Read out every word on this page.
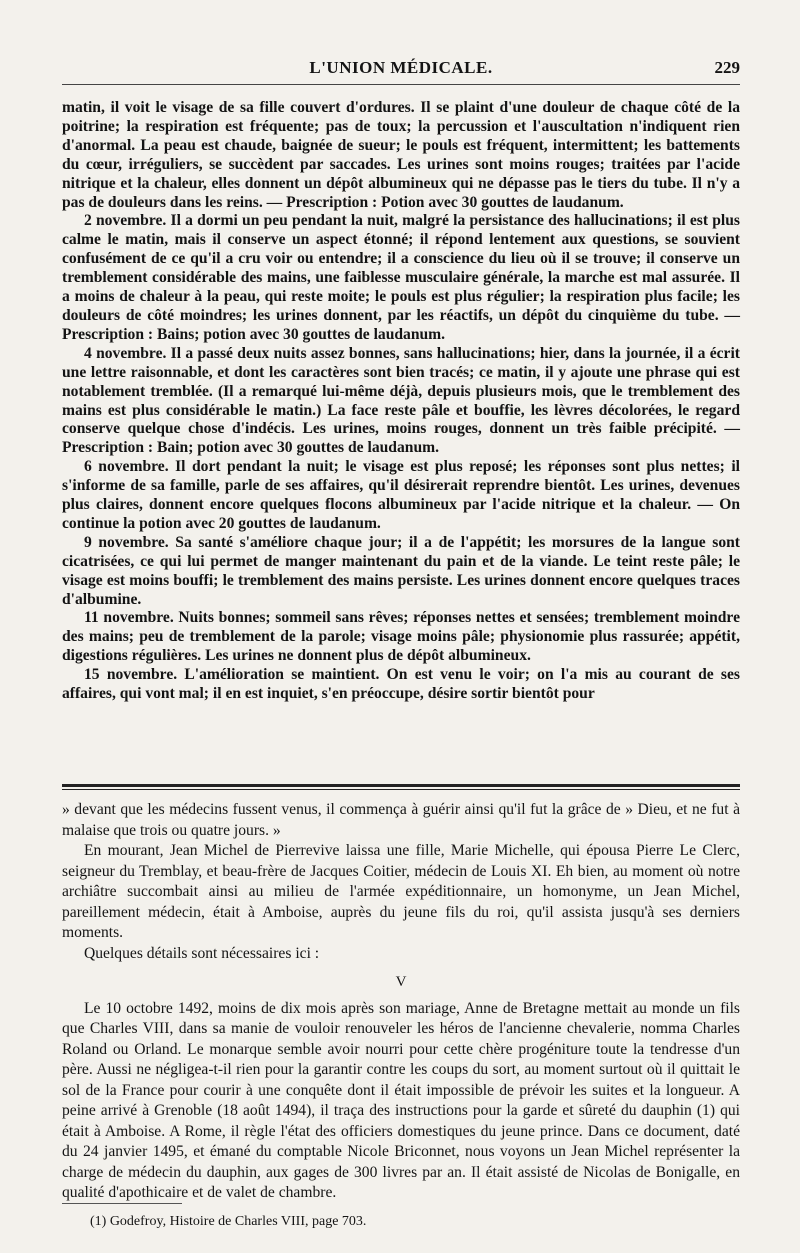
L'UNION MÉDICALE.	229

matin, il voit le visage de sa fille couvert d'ordures. Il se plaint d'une douleur de chaque côté de la poitrine; la respiration est fréquente; pas de toux; la percussion et l'auscultation n'indiquent rien d'anormal. La peau est chaude, baignée de sueur; le pouls est fréquent, intermittent; les battements du cœur, irréguliers, se succèdent par saccades. Les urines sont moins rouges; traitées par l'acide nitrique et la chaleur, elles donnent un dépôt albumineux qui ne dépasse pas le tiers du tube. Il n'y a pas de douleurs dans les reins. — Prescription : Potion avec 30 gouttes de laudanum.

2 novembre. Il a dormi un peu pendant la nuit, malgré la persistance des hallucinations; il est plus calme le matin, mais il conserve un aspect étonné; il répond lentement aux questions, se souvient confusément de ce qu'il a cru voir ou entendre; il a conscience du lieu où il se trouve; il conserve un tremblement considérable des mains, une faiblesse musculaire générale, la marche est mal assurée. Il a moins de chaleur à la peau, qui reste moite; le pouls est plus régulier; la respiration plus facile; les douleurs de côté moindres; les urines donnent, par les réactifs, un dépôt du cinquième du tube. — Prescription : Bains; potion avec 30 gouttes de laudanum.

4 novembre. Il a passé deux nuits assez bonnes, sans hallucinations; hier, dans la journée, il a écrit une lettre raisonnable, et dont les caractères sont bien tracés; ce matin, il y ajoute une phrase qui est notablement tremblée. (Il a remarqué lui-même déjà, depuis plusieurs mois, que le tremblement des mains est plus considérable le matin.) La face reste pâle et bouffie, les lèvres décolorées, le regard conserve quelque chose d'indécis. Les urines, moins rouges, donnent un très faible précipité. — Prescription : Bain; potion avec 30 gouttes de laudanum.

6 novembre. Il dort pendant la nuit; le visage est plus reposé; les réponses sont plus nettes; il s'informe de sa famille, parle de ses affaires, qu'il désirerait reprendre bientôt. Les urines, devenues plus claires, donnent encore quelques flocons albumineux par l'acide nitrique et la chaleur. — On continue la potion avec 20 gouttes de laudanum.

9 novembre. Sa santé s'améliore chaque jour; il a de l'appétit; les morsures de la langue sont cicatrisées, ce qui lui permet de manger maintenant du pain et de la viande. Le teint reste pâle; le visage est moins bouffi; le tremblement des mains persiste. Les urines donnent encore quelques traces d'albumine.

11 novembre. Nuits bonnes; sommeil sans rêves; réponses nettes et sensées; tremblement moindre des mains; peu de tremblement de la parole; visage moins pâle; physionomie plus rassurée; appétit, digestions régulières. Les urines ne donnent plus de dépôt albumineux.

15 novembre. L'amélioration se maintient. On est venu le voir; on l'a mis au courant de ses affaires, qui vont mal; il en est inquiet, s'en préoccupe, désire sortir bientôt pour

» devant que les médecins fussent venus, il commença à guérir ainsi qu'il fut la grâce de » Dieu, et ne fut à malaise que trois ou quatre jours. »

En mourant, Jean Michel de Pierrevive laissa une fille, Marie Michelle, qui épousa Pierre Le Clerc, seigneur du Tremblay, et beau-frère de Jacques Coitier, médecin de Louis XI. Eh bien, au moment où notre archiâtre succombait ainsi au milieu de l'armée expéditionnaire, un homonyme, un Jean Michel, pareillement médecin, était à Amboise, auprès du jeune fils du roi, qu'il assista jusqu'à ses derniers moments.

Quelques détails sont nécessaires ici :

V

Le 10 octobre 1492, moins de dix mois après son mariage, Anne de Bretagne mettait au monde un fils que Charles VIII, dans sa manie de vouloir renouveler les héros de l'ancienne chevalerie, nomma Charles Roland ou Orland. Le monarque semble avoir nourri pour cette chère progéniture toute la tendresse d'un père. Aussi ne négligea-t-il rien pour la garantir contre les coups du sort, au moment surtout où il quittait le sol de la France pour courir à une conquête dont il était impossible de prévoir les suites et la longueur. A peine arrivé à Grenoble (18 août 1494), il traça des instructions pour la garde et sûreté du dauphin (1) qui était à Amboise. A Rome, il règle l'état des officiers domestiques du jeune prince. Dans ce document, daté du 24 janvier 1495, et émané du comptable Nicole Briconnet, nous voyons un Jean Michel représenter la charge de médecin du dauphin, aux gages de 300 livres par an. Il était assisté de Nicolas de Bonigalle, en qualité d'apothicaire et de valet de chambre.

(1) Godefroy, Histoire de Charles VIII, page 703.
